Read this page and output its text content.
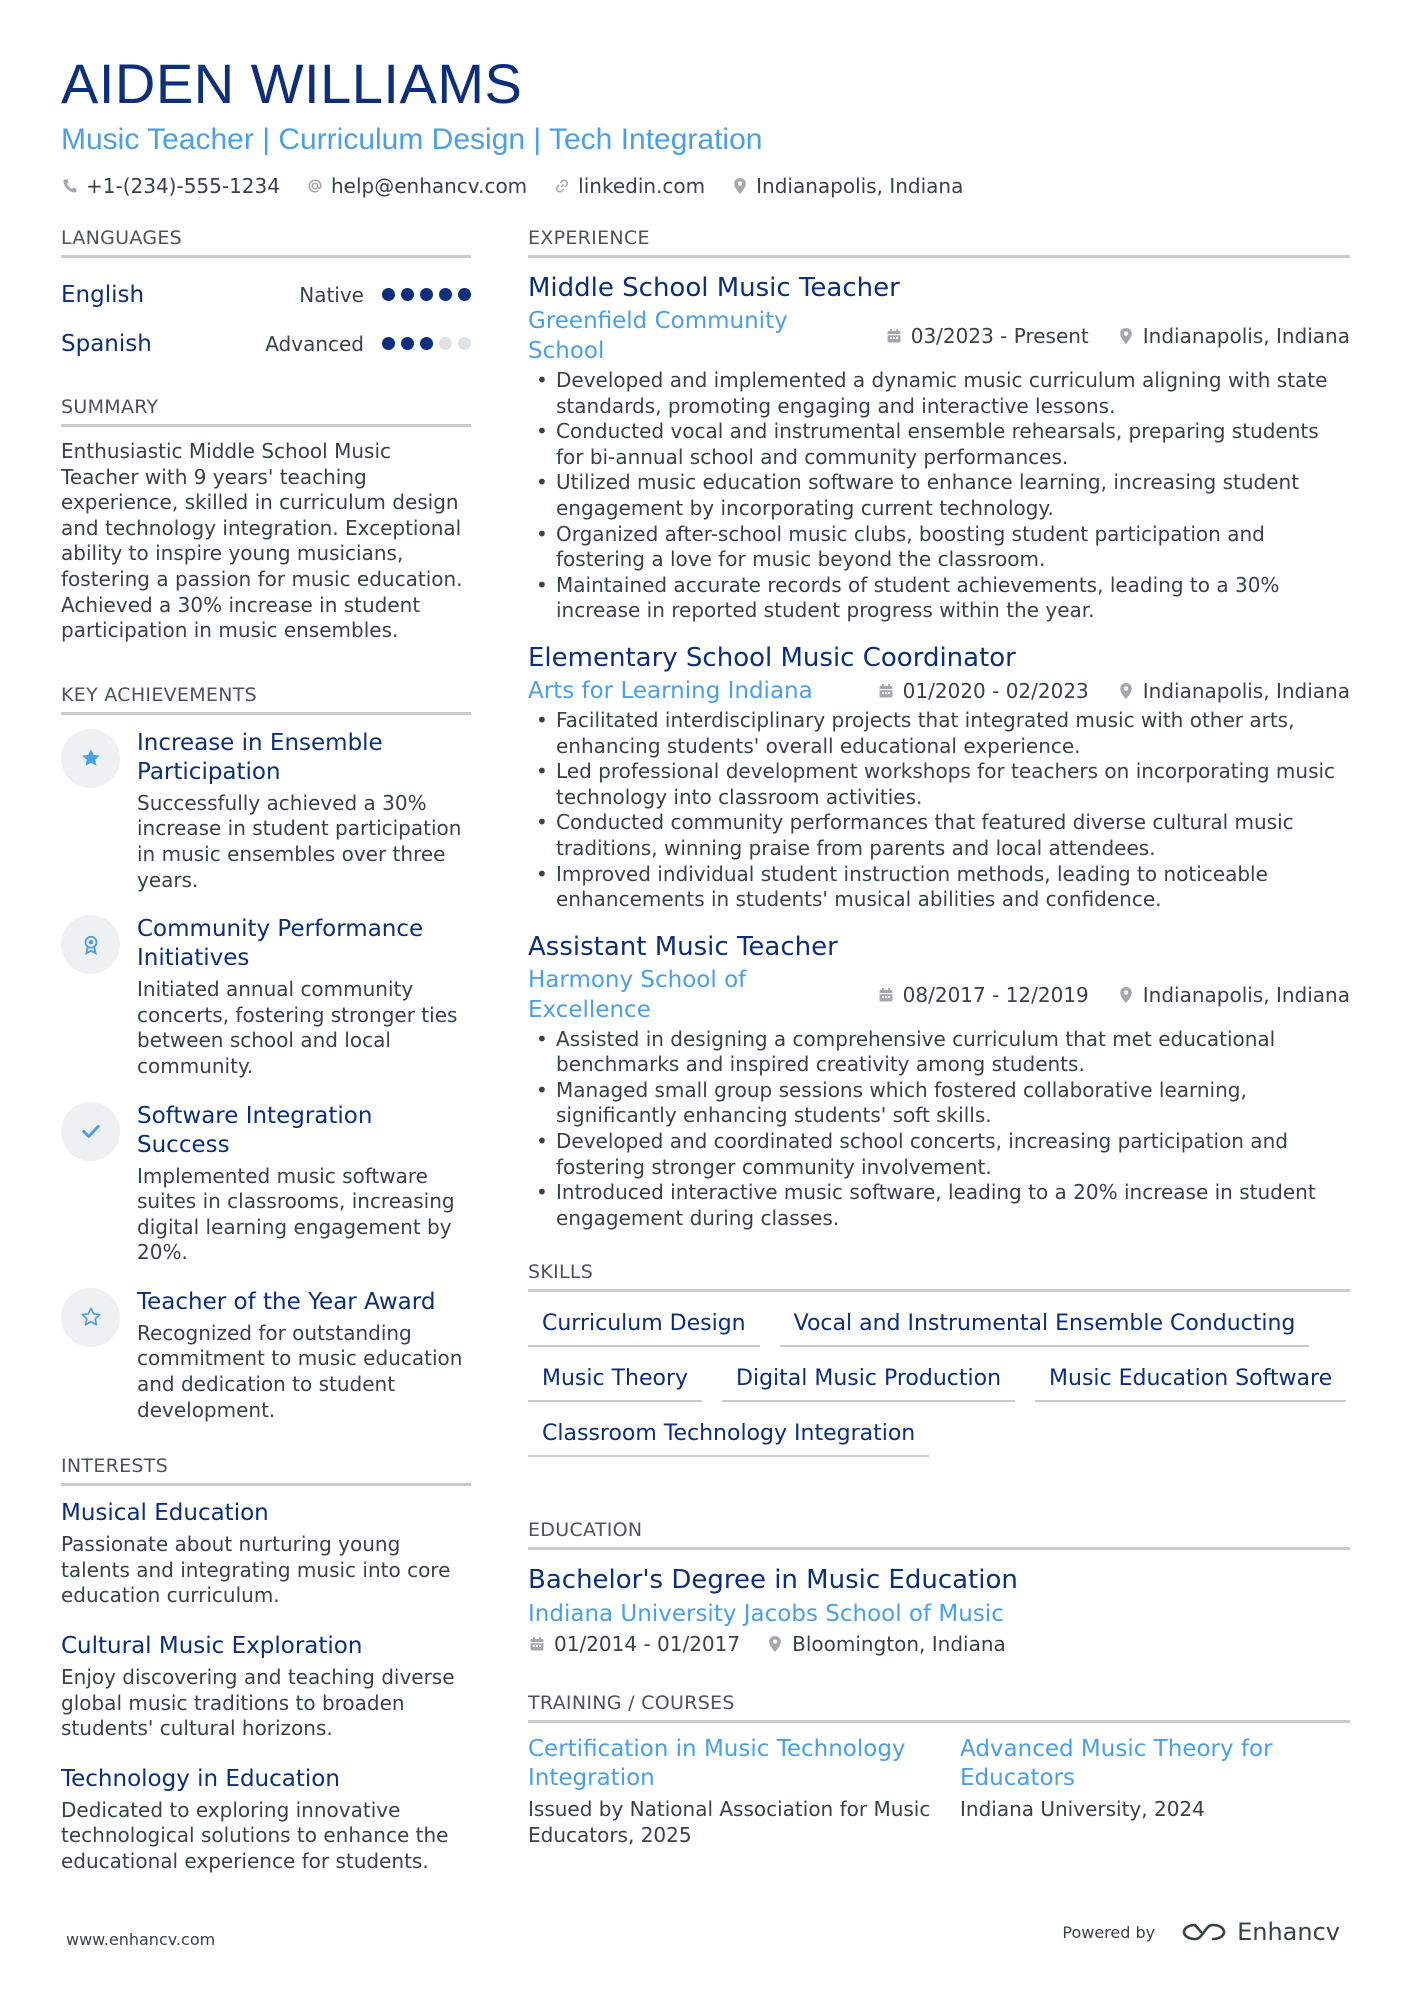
AIDEN WILLIAMS
Music Teacher | Curriculum Design | Tech Integration
+1-(234)-555-1234	help@enhancv.com	linkedin.com	Indianapolis, Indiana
LANGUAGES
English	Native
Spanish	Advanced
SUMMARY
Enthusiastic Middle School Music Teacher with 9 years' teaching experience, skilled in curriculum design and technology integration. Exceptional ability to inspire young musicians, fostering a passion for music education. Achieved a 30% increase in student participation in music ensembles.
KEY ACHIEVEMENTS
Increase in Ensemble Participation
Successfully achieved a 30% increase in student participation in music ensembles over three years.
Community Performance Initiatives
Initiated annual community concerts, fostering stronger ties between school and local community.
Software Integration Success
Implemented music software suites in classrooms, increasing digital learning engagement by 20%.
Teacher of the Year Award
Recognized for outstanding commitment to music education and dedication to student development.
INTERESTS
Musical Education
Passionate about nurturing young talents and integrating music into core education curriculum.
Cultural Music Exploration
Enjoy discovering and teaching diverse global music traditions to broaden students' cultural horizons.
Technology in Education
Dedicated to exploring innovative technological solutions to enhance the educational experience for students.
EXPERIENCE
Middle School Music Teacher
Greenfield Community School
03/2023 - Present	Indianapolis, Indiana
• Developed and implemented a dynamic music curriculum aligning with state standards, promoting engaging and interactive lessons.
• Conducted vocal and instrumental ensemble rehearsals, preparing students for bi-annual school and community performances.
• Utilized music education software to enhance learning, increasing student engagement by incorporating current technology.
• Organized after-school music clubs, boosting student participation and fostering a love for music beyond the classroom.
• Maintained accurate records of student achievements, leading to a 30% increase in reported student progress within the year.
Elementary School Music Coordinator
Arts for Learning Indiana	01/2020 - 02/2023	Indianapolis, Indiana
• Facilitated interdisciplinary projects that integrated music with other arts, enhancing students' overall educational experience.
• Led professional development workshops for teachers on incorporating music technology into classroom activities.
• Conducted community performances that featured diverse cultural music traditions, winning praise from parents and local attendees.
• Improved individual student instruction methods, leading to noticeable enhancements in students' musical abilities and confidence.
Assistant Music Teacher
Harmony School of Excellence
08/2017 - 12/2019	Indianapolis, Indiana
• Assisted in designing a comprehensive curriculum that met educational benchmarks and inspired creativity among students.
• Managed small group sessions which fostered collaborative learning, significantly enhancing students' soft skills.
• Developed and coordinated school concerts, increasing participation and fostering stronger community involvement.
• Introduced interactive music software, leading to a 20% increase in student engagement during classes.
SKILLS
Curriculum Design	Vocal and Instrumental Ensemble Conducting
Music Theory	Digital Music Production	Music Education Software
Classroom Technology Integration
EDUCATION
Bachelor's Degree in Music Education
Indiana University Jacobs School of Music
01/2014 - 01/2017	Bloomington, Indiana
TRAINING / COURSES
Certification in Music Technology Integration
Issued by National Association for Music Educators, 2025
Advanced Music Theory for Educators
Indiana University, 2024
www.enhancv.com	Powered by	Enhancv
